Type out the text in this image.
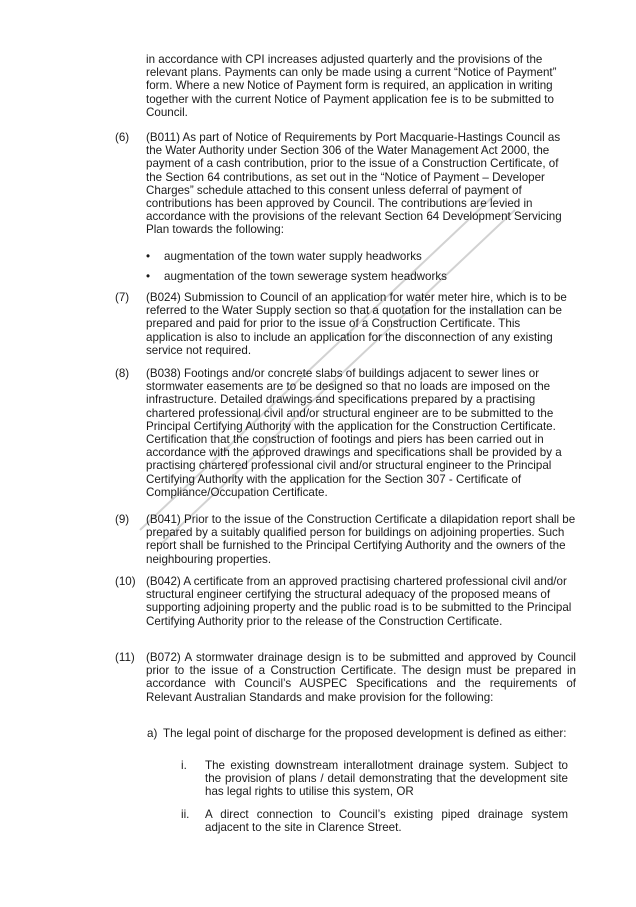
in accordance with CPI increases adjusted quarterly and the provisions of the relevant plans. Payments can only be made using a current “Notice of Payment” form. Where a new Notice of Payment form is required, an application in writing together with the current Notice of Payment application fee is to be submitted to Council.

(6) (B011) As part of Notice of Requirements by Port Macquarie-Hastings Council as the Water Authority under Section 306 of the Water Management Act 2000, the payment of a cash contribution, prior to the issue of a Construction Certificate, of the Section 64 contributions, as set out in the “Notice of Payment – Developer Charges” schedule attached to this consent unless deferral of payment of contributions has been approved by Council. The contributions are levied in accordance with the provisions of the relevant Section 64 Development Servicing Plan towards the following:

• augmentation of the town water supply headworks
• augmentation of the town sewerage system headworks
(7) (B024) Submission to Council of an application for water meter hire, which is to be referred to the Water Supply section so that a quotation for the installation can be prepared and paid for prior to the issue of a Construction Certificate. This application is also to include an application for the disconnection of any existing service not required.

(8) (B038) Footings and/or concrete slabs of buildings adjacent to sewer lines or stormwater easements are to be designed so that no loads are imposed on the infrastructure. Detailed drawings and specifications prepared by a practising chartered professional civil and/or structural engineer are to be submitted to the Principal Certifying Authority with the application for the Construction Certificate. Certification that the construction of footings and piers has been carried out in accordance with the approved drawings and specifications shall be provided by a practising chartered professional civil and/or structural engineer to the Principal Certifying Authority with the application for the Section 307 - Certificate of Compliance/Occupation Certificate.

(9) (B041) Prior to the issue of the Construction Certificate a dilapidation report shall be prepared by a suitably qualified person for buildings on adjoining properties. Such report shall be furnished to the Principal Certifying Authority and the owners of the neighbouring properties.

(10) (B042) A certificate from an approved practising chartered professional civil and/or structural engineer certifying the structural adequacy of the proposed means of supporting adjoining property and the public road is to be submitted to the Principal Certifying Authority prior to the release of the Construction Certificate.

(11) (B072) A stormwater drainage design is to be submitted and approved by Council prior to the issue of a Construction Certificate. The design must be prepared in accordance with Council’s AUSPEC Specifications and the requirements of Relevant Australian Standards and make provision for the following:

a) The legal point of discharge for the proposed development is defined as either:

i. The existing downstream interallotment drainage system. Subject to the provision of plans / detail demonstrating that the development site has legal rights to utilise this system, OR

ii. A direct connection to Council’s existing piped drainage system adjacent to the site in Clarence Street.
